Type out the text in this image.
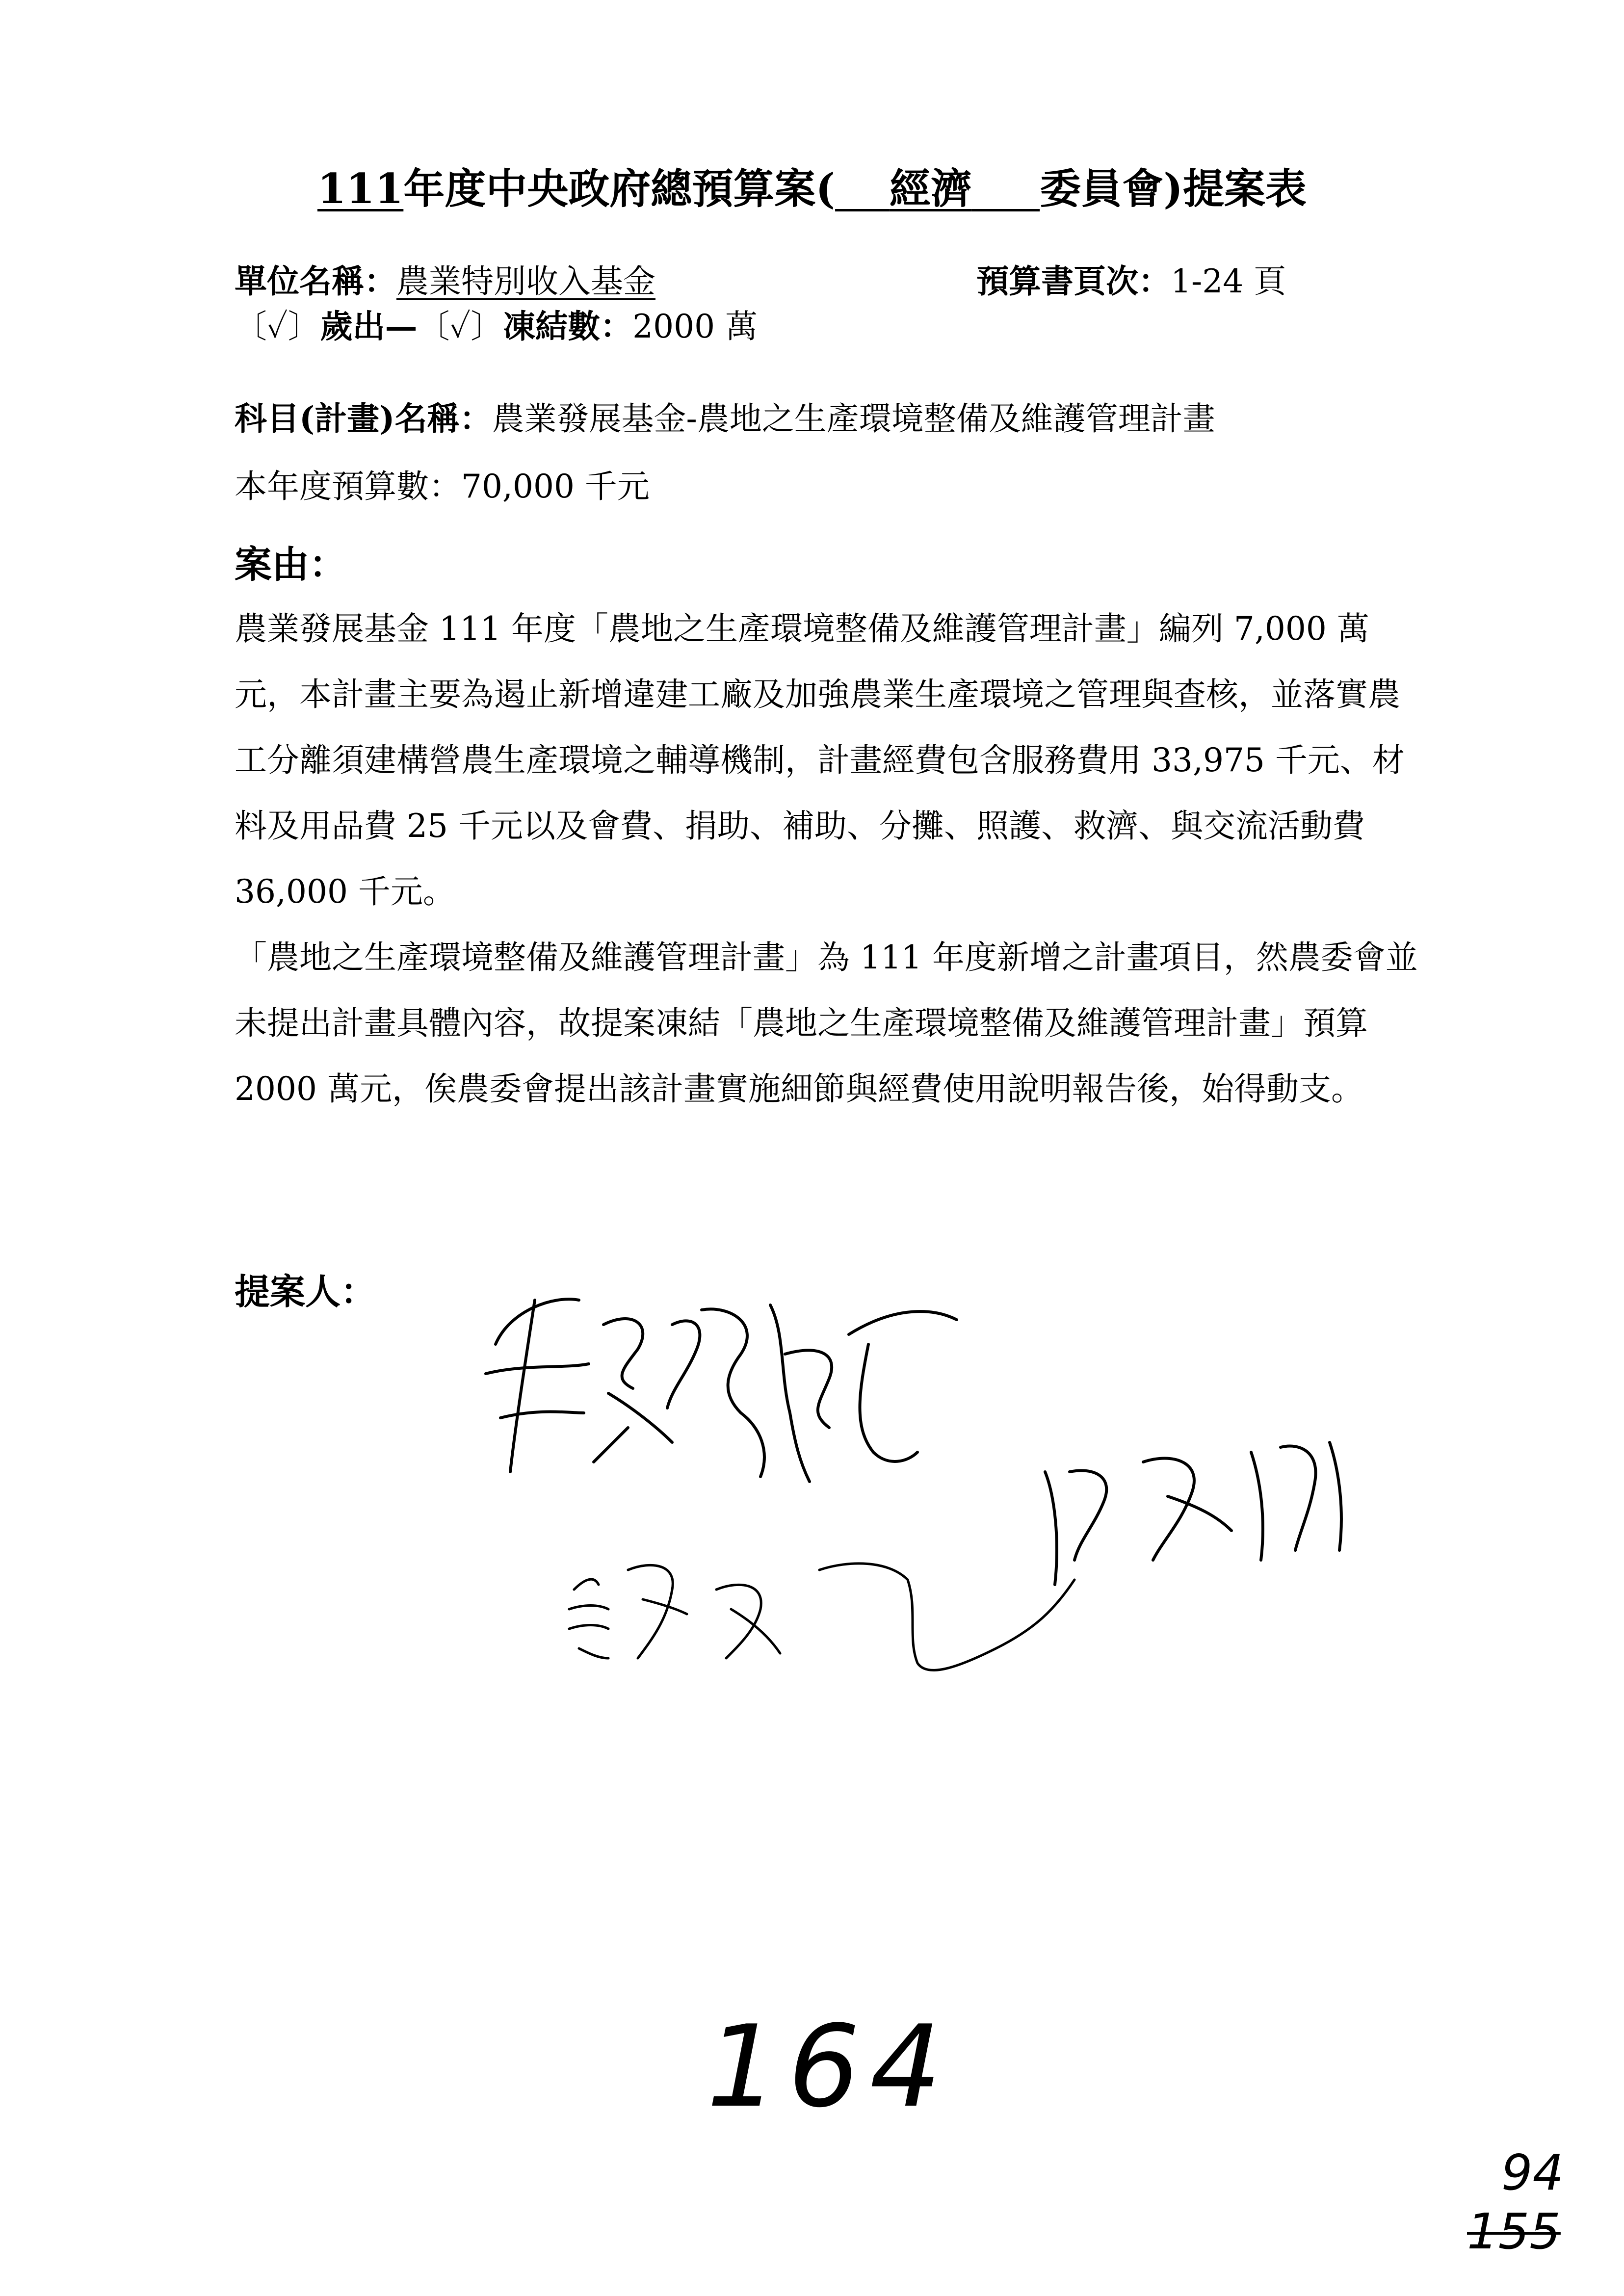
111年度中央政府總預算案(     經濟      委員會)提案表
單位名稱：農業特別收入基金	預算書頁次：1-24 頁
〔✓〕歲出—〔✓〕凍結數：2000 萬
科目(計畫)名稱：農業發展基金-農地之生產環境整備及維護管理計畫
本年度預算數：70,000 千元
案由：

農業發展基金 111 年度「農地之生產環境整備及維護管理計畫」編列 7,000 萬元，本計畫主要為遏止新增違建工廠及加強農業生產環境之管理與查核，並落實農工分離須建構營農生產環境之輔導機制，計畫經費包含服務費用 33,975 千元、材料及用品費 25 千元以及會費、捐助、補助、分攤、照護、救濟、與交流活動費 36,000 千元。

「農地之生產環境整備及維護管理計畫」為 111 年度新增之計畫項目，然農委會並未提出計畫具體內容，故提案凍結「農地之生產環境整備及維護管理計畫」預算 2000 萬元，俟農委會提出該計畫實施細節與經費使用說明報告後，始得動支。

提案人：
164
94
155
